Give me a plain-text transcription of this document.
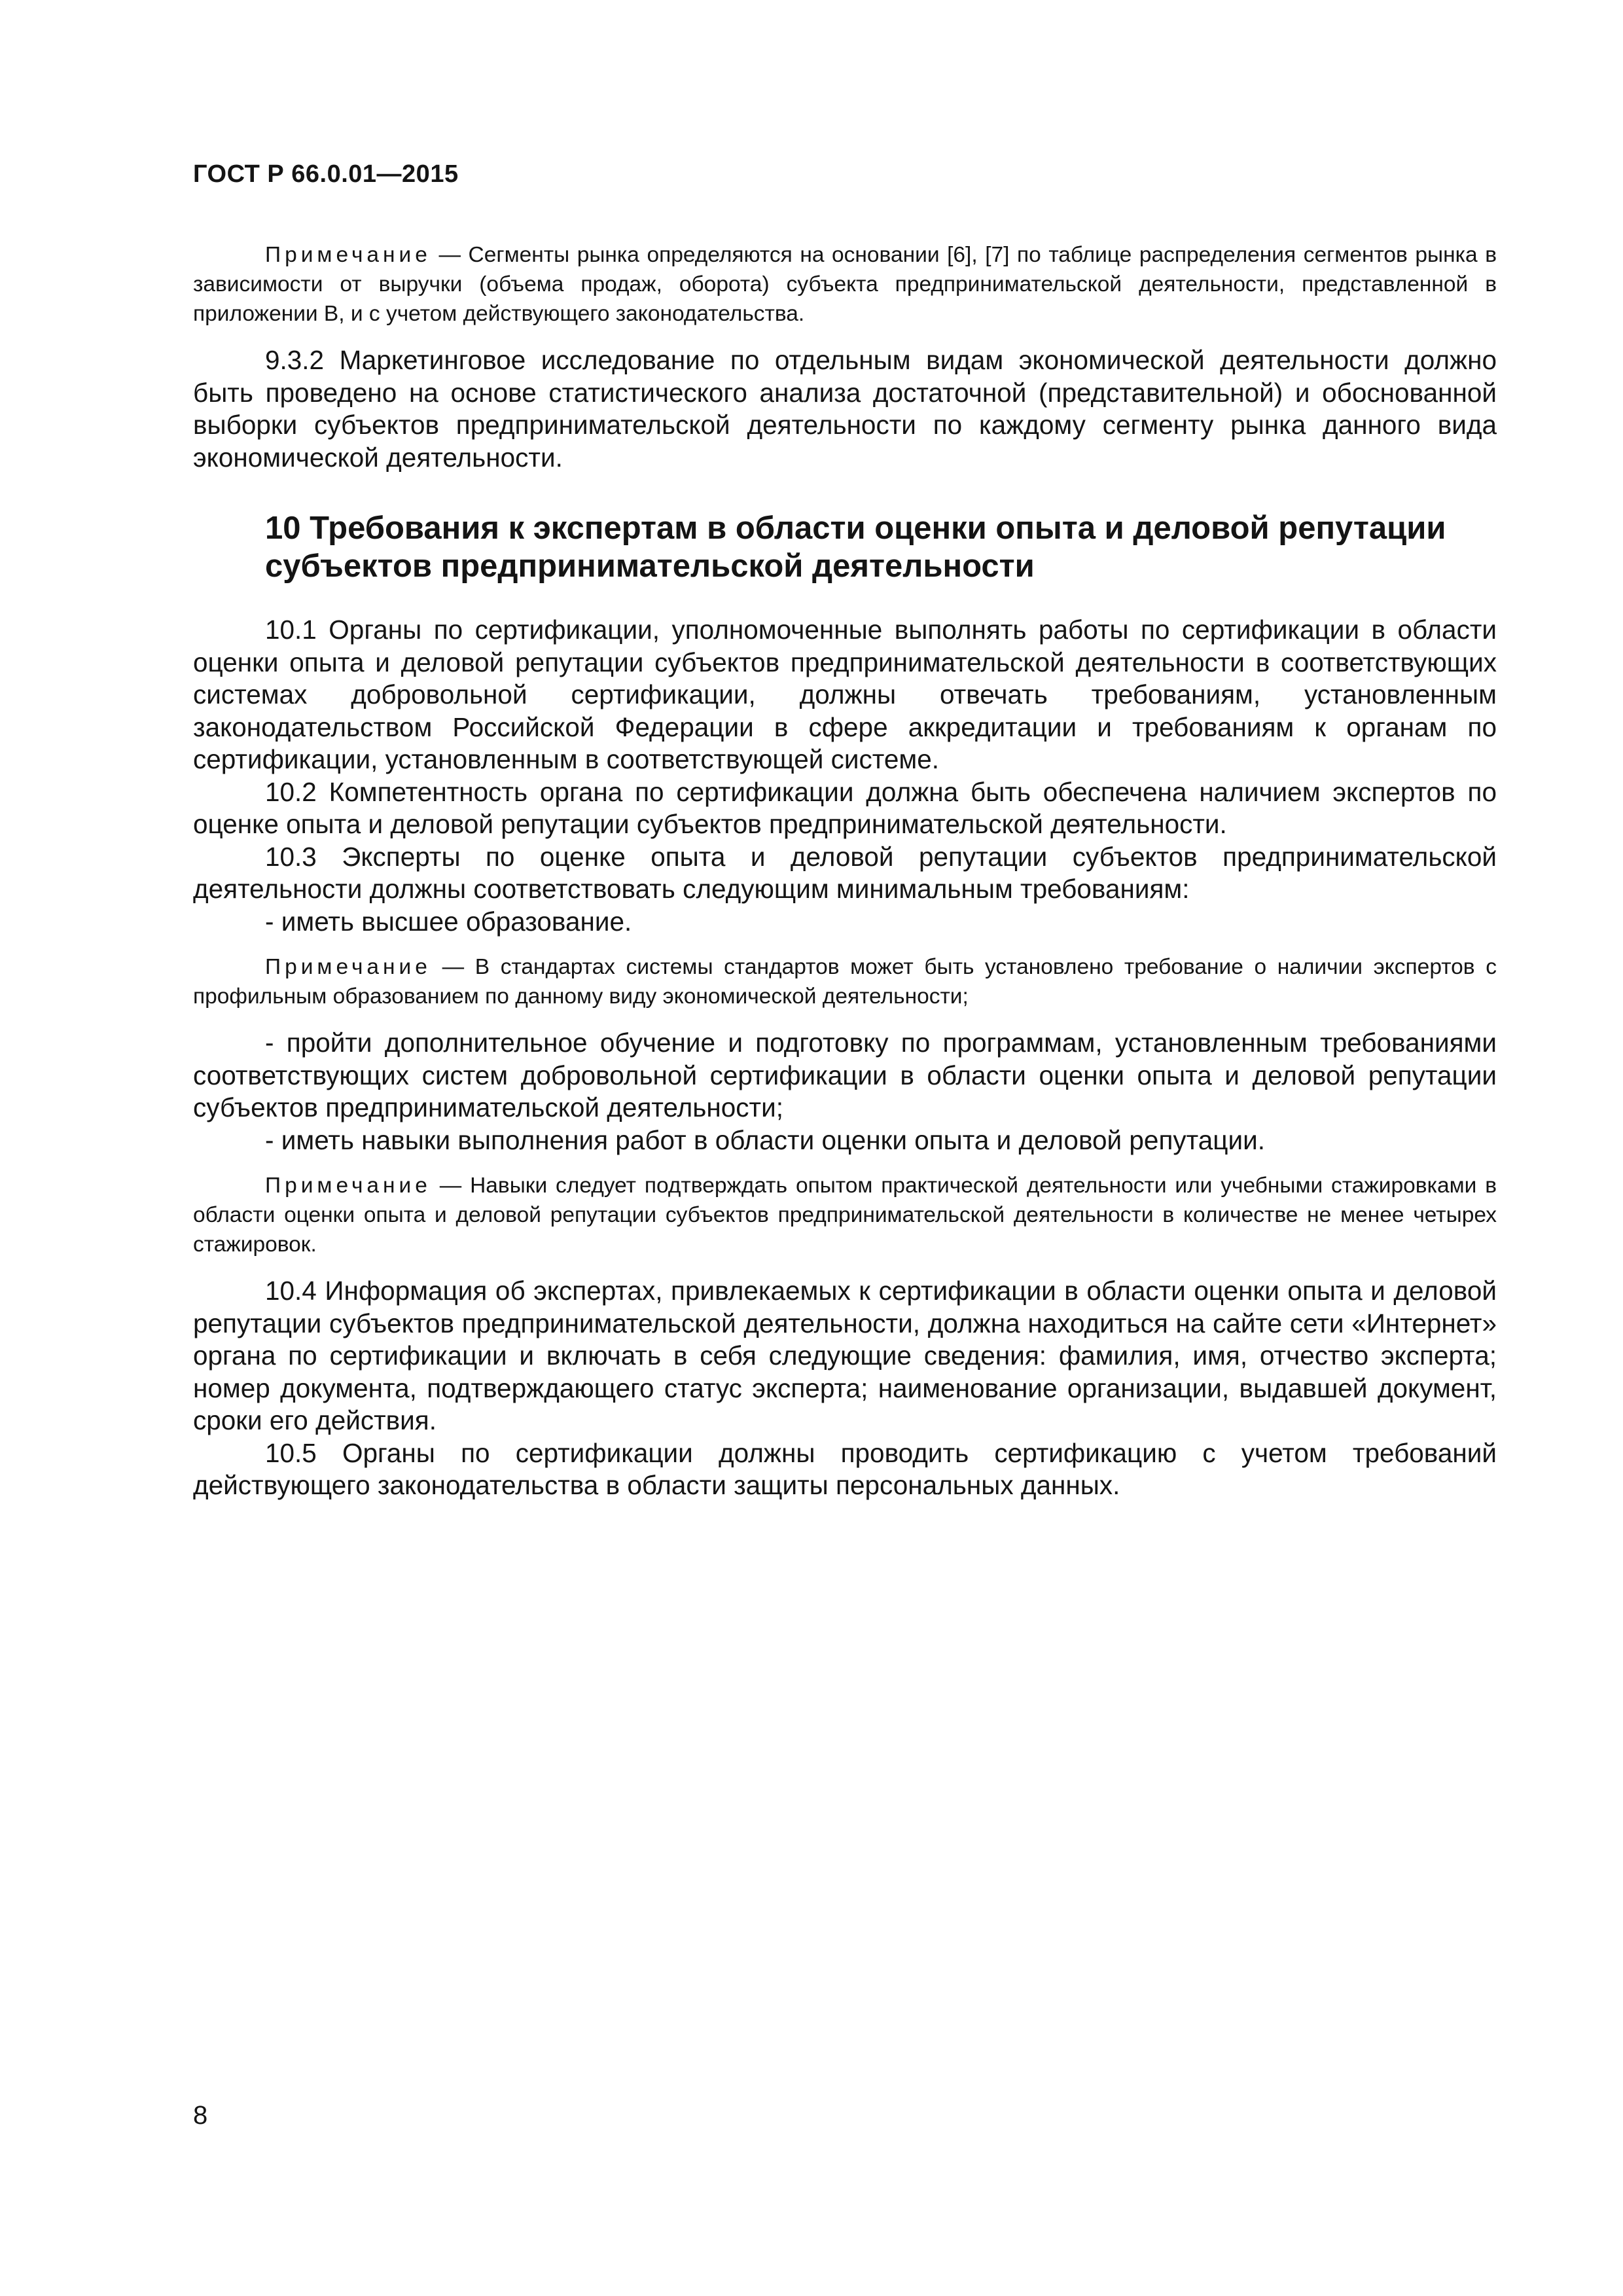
ГОСТ Р 66.0.01—2015

Примечание — Сегменты рынка определяются на основании [6], [7] по таблице распределения сегментов рынка в зависимости от выручки (объема продаж, оборота) субъекта предпринимательской деятельности, представленной в приложении В, и с учетом действующего законодательства.

9.3.2 Маркетинговое исследование по отдельным видам экономической деятельности должно быть проведено на основе статистического анализа достаточной (представительной) и обоснованной выборки субъектов предпринимательской деятельности по каждому сегменту рынка данного вида экономической деятельности.

10 Требования к экспертам в области оценки опыта и деловой репутации субъектов предпринимательской деятельности

10.1 Органы по сертификации, уполномоченные выполнять работы по сертификации в области оценки опыта и деловой репутации субъектов предпринимательской деятельности в соответствующих системах добровольной сертификации, должны отвечать требованиям, установленным законодательством Российской Федерации в сфере аккредитации и требованиям к органам по сертификации, установленным в соответствующей системе.

10.2 Компетентность органа по сертификации должна быть обеспечена наличием экспертов по оценке опыта и деловой репутации субъектов предпринимательской деятельности.

10.3 Эксперты по оценке опыта и деловой репутации субъектов предпринимательской деятельности должны соответствовать следующим минимальным требованиям:

- иметь высшее образование.

Примечание — В стандартах системы стандартов может быть установлено требование о наличии экспертов с профильным образованием по данному виду экономической деятельности;

- пройти дополнительное обучение и подготовку по программам, установленным требованиями соответствующих систем добровольной сертификации в области оценки опыта и деловой репутации субъектов предпринимательской деятельности;

- иметь навыки выполнения работ в области оценки опыта и деловой репутации.

Примечание — Навыки следует подтверждать опытом практической деятельности или учебными стажировками в области оценки опыта и деловой репутации субъектов предпринимательской деятельности в количестве не менее четырех стажировок.

10.4 Информация об экспертах, привлекаемых к сертификации в области оценки опыта и деловой репутации субъектов предпринимательской деятельности, должна находиться на сайте сети «Интернет» органа по сертификации и включать в себя следующие сведения: фамилия, имя, отчество эксперта; номер документа, подтверждающего статус эксперта; наименование организации, выдавшей документ, сроки его действия.

10.5 Органы по сертификации должны проводить сертификацию с учетом требований действующего законодательства в области защиты персональных данных.

8
